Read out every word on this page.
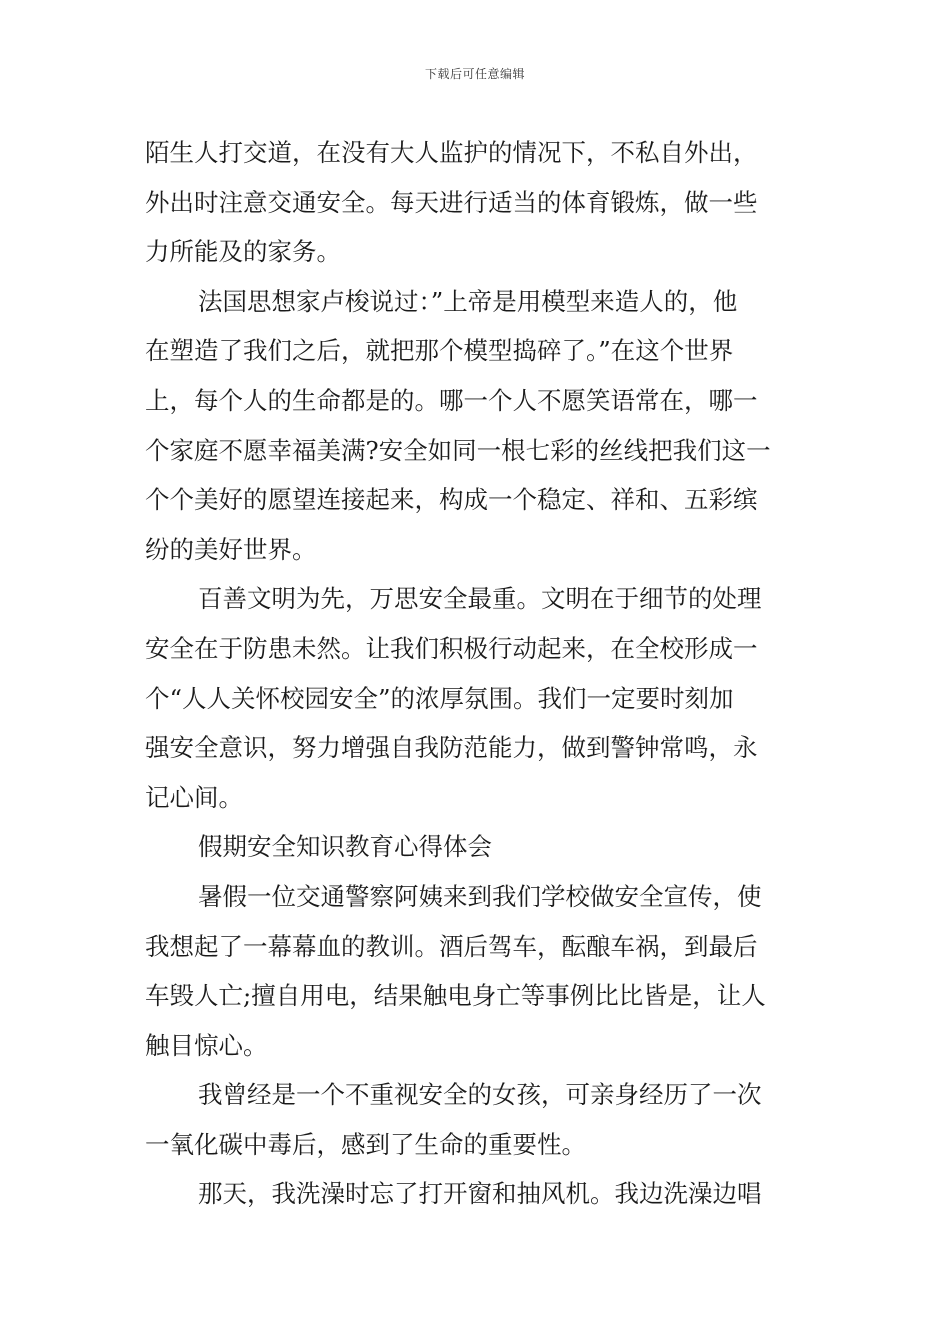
下载后可任意编辑
陌生人打交道，在没有大人监护的情况下，不私自外出，
外出时注意交通安全。每天进行适当的体育锻炼，做一些
力所能及的家务。
法国思想家卢梭说过：”上帝是用模型来造人的，他
在塑造了我们之后，就把那个模型捣碎了。”在这个世界
上，每个人的生命都是的。哪一个人不愿笑语常在，哪一
个家庭不愿幸福美满?安全如同一根七彩的丝线把我们这一
个个美好的愿望连接起来，构成一个稳定、祥和、五彩缤
纷的美好世界。
百善文明为先，万思安全最重。文明在于细节的处理
安全在于防患未然。让我们积极行动起来，在全校形成一
个“人人关怀校园安全”的浓厚氛围。我们一定要时刻加
强安全意识，努力增强自我防范能力，做到警钟常鸣，永
记心间。
假期安全知识教育心得体会
暑假一位交通警察阿姨来到我们学校做安全宣传，使
我想起了一幕幕血的教训。酒后驾车，酝酿车祸，到最后
车毁人亡;擅自用电，结果触电身亡等事例比比皆是，让人
触目惊心。
我曾经是一个不重视安全的女孩，可亲身经历了一次
一氧化碳中毒后，感到了生命的重要性。
那天，我洗澡时忘了打开窗和抽风机。我边洗澡边唱
